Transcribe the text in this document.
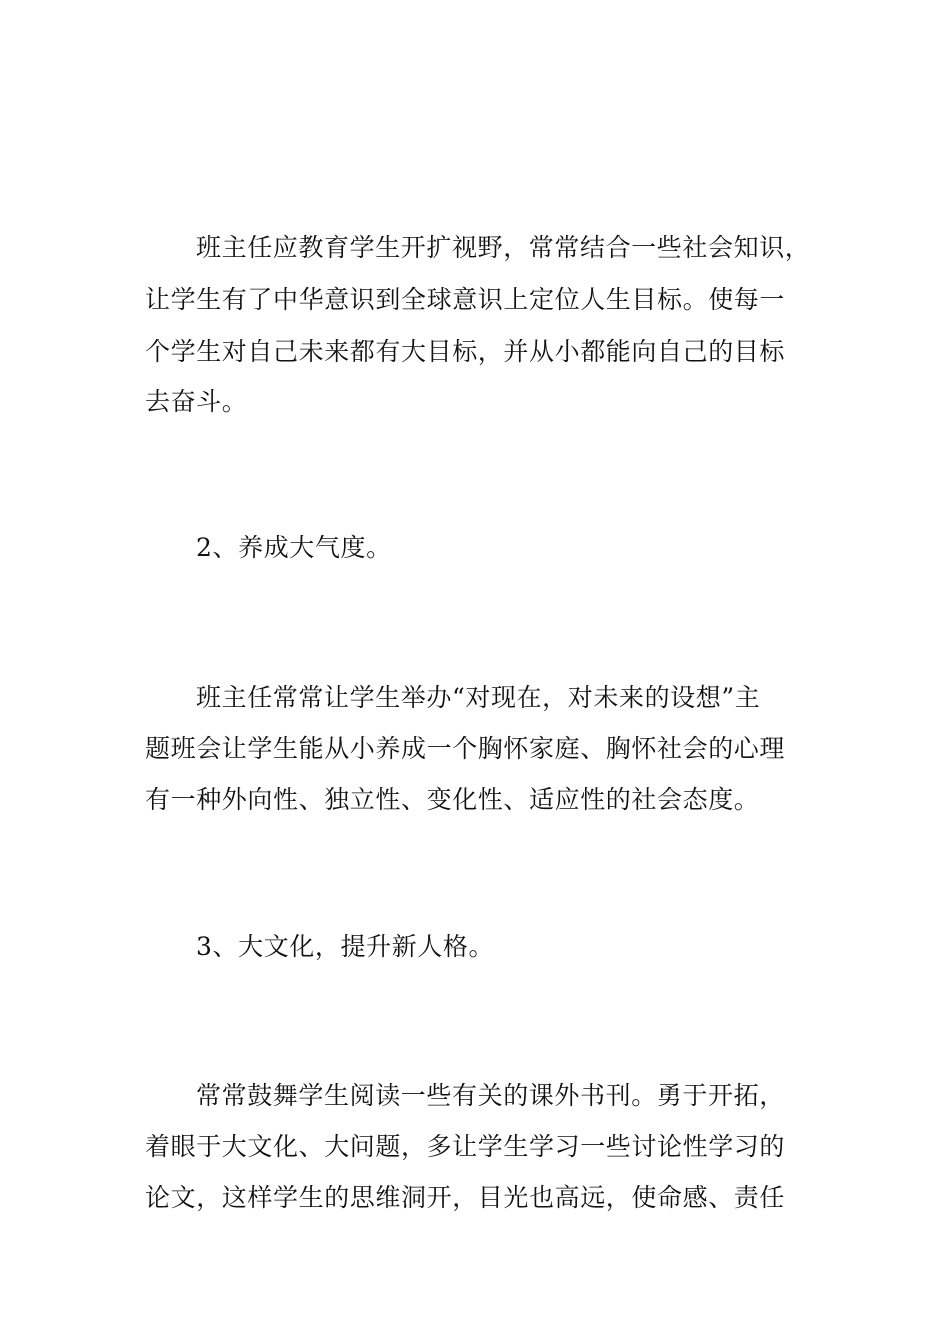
班主任应教育学生开扩视野，常常结合一些社会知识，
让学生有了中华意识到全球意识上定位人生目标。使每一
个学生对自己未来都有大目标，并从小都能向自己的目标
去奋斗。
2、养成大气度。
班主任常常让学生举办“对现在，对未来的设想”主
题班会让学生能从小养成一个胸怀家庭、胸怀社会的心理
有一种外向性、独立性、变化性、适应性的社会态度。
3、大文化，提升新人格。
常常鼓舞学生阅读一些有关的课外书刊。勇于开拓，
着眼于大文化、大问题，多让学生学习一些讨论性学习的
论文，这样学生的思维洞开，目光也高远，使命感、责任
